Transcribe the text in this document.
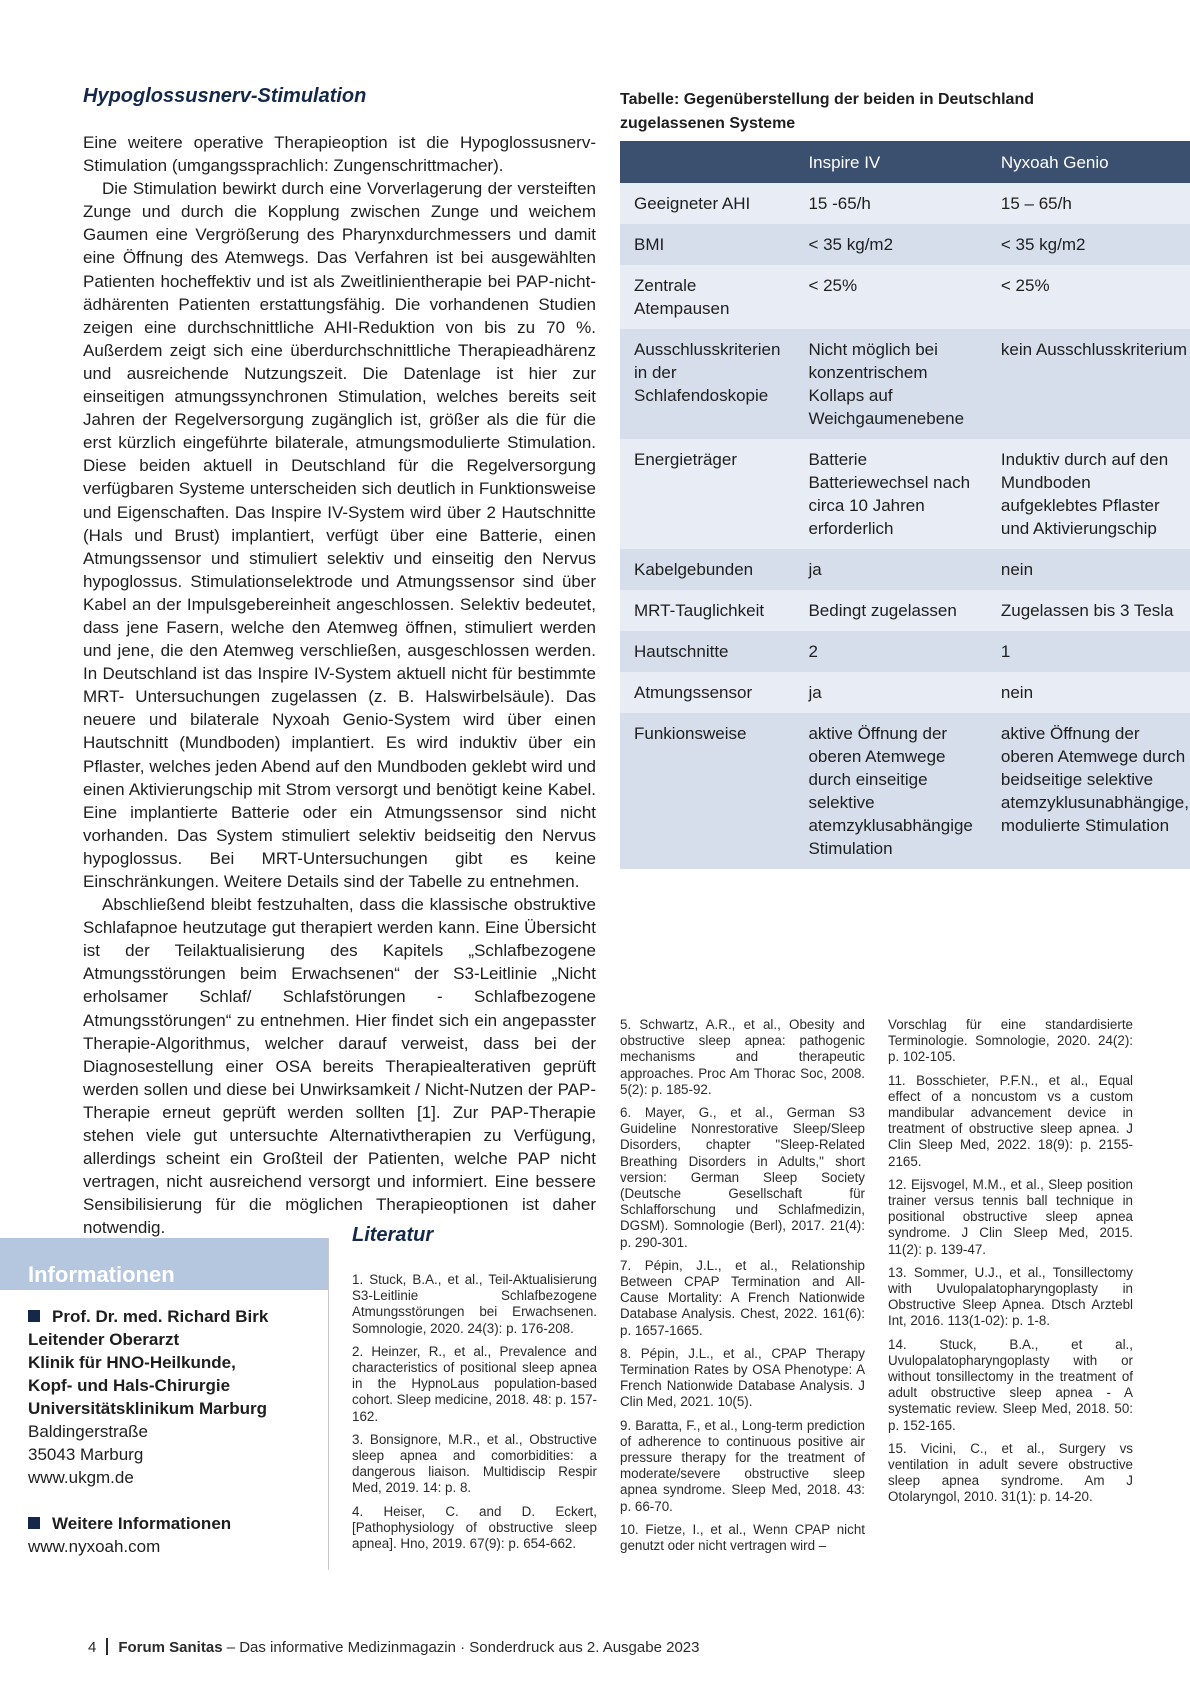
Hypoglossusnerv-Stimulation

Eine weitere operative Therapieoption ist die Hypoglossusnerv-Stimulation (umgangssprachlich: Zungenschrittmacher).

Die Stimulation bewirkt durch eine Vorverlagerung der versteiften Zunge und durch die Kopplung zwischen Zunge und weichem Gaumen eine Vergrößerung des Pharynxdurchmessers und damit eine Öffnung des Atemwegs. Das Verfahren ist bei ausgewählten Patienten hocheffektiv und ist als Zweitlinientherapie bei PAP-nicht-ädhärenten Patienten erstattungsfähig. Die vorhandenen Studien zeigen eine durchschnittliche AHI-Reduktion von bis zu 70 %. Außerdem zeigt sich eine überdurchschnittliche Therapieadhärenz und ausreichende Nutzungszeit. Die Datenlage ist hier zur einseitigen atmungssynchronen Stimulation, welches bereits seit Jahren der Regelversorgung zugänglich ist, größer als die für die erst kürzlich eingeführte bilaterale, atmungsmodulierte Stimulation. Diese beiden aktuell in Deutschland für die Regelversorgung verfügbaren Systeme unterscheiden sich deutlich in Funktionsweise und Eigenschaften. Das Inspire IV-System wird über 2 Hautschnitte (Hals und Brust) implantiert, verfügt über eine Batterie, einen Atmungssensor und stimuliert selektiv und einseitig den Nervus hypoglossus. Stimulationselektrode und Atmungssensor sind über Kabel an der Impulsgebereinheit angeschlossen. Selektiv bedeutet, dass jene Fasern, welche den Atemweg öffnen, stimuliert werden und jene, die den Atemweg verschließen, ausgeschlossen werden. In Deutschland ist das Inspire IV-System aktuell nicht für bestimmte MRT- Untersuchungen zugelassen (z. B. Halswirbelsäule). Das neuere und bilaterale Nyxoah Genio-System wird über einen Hautschnitt (Mundboden) implantiert. Es wird induktiv über ein Pflaster, welches jeden Abend auf den Mundboden geklebt wird und einen Aktivierungschip mit Strom versorgt und benötigt keine Kabel. Eine implantierte Batterie oder ein Atmungssensor sind nicht vorhanden. Das System stimuliert selektiv beidseitig den Nervus hypoglossus. Bei MRT-Untersuchungen gibt es keine Einschränkungen. Weitere Details sind der Tabelle zu entnehmen.

Abschließend bleibt festzuhalten, dass die klassische obstruktive Schlafapnoe heutzutage gut therapiert werden kann. Eine Übersicht ist der Teilaktualisierung des Kapitels „Schlafbezogene Atmungsstörungen beim Erwachsenen“ der S3-Leitlinie „Nicht erholsamer Schlaf/ Schlafstörungen - Schlafbezogene Atmungsstörungen“ zu entnehmen. Hier findet sich ein angepasster Therapie-Algorithmus, welcher darauf verweist, dass bei der Diagnosestellung einer OSA bereits Therapiealterativen geprüft werden sollen und diese bei Unwirksamkeit / Nicht-Nutzen der PAP-Therapie erneut geprüft werden sollten [1]. Zur PAP-Therapie stehen viele gut untersuchte Alternativtherapien zu Verfügung, allerdings scheint ein Großteil der Patienten, welche PAP nicht vertragen, nicht ausreichend versorgt und informiert. Eine bessere Sensibilisierung für die möglichen Therapieoptionen ist daher notwendig.

Tabelle: Gegenüberstellung der beiden in Deutschland zugelassenen Systeme
	Inspire IV	Nyxoah Genio
Geeigneter AHI	15 -65/h	15 – 65/h
BMI	< 35 kg/m2	< 35 kg/m2
Zentrale Atempausen	< 25%	< 25%
Ausschlusskriterien in der Schlafendoskopie	Nicht möglich bei konzentrischem Kollaps auf Weichgaumenebene	kein Ausschlusskriterium
Energieträger	Batterie Batteriewechsel nach circa 10 Jahren erforderlich	Induktiv durch auf den Mundboden aufgeklebtes Pflaster und Aktivierungschip
Kabelgebunden	ja	nein
MRT-Tauglichkeit	Bedingt zugelassen	Zugelassen bis 3 Tesla
Hautschnitte	2	1
Atmungssensor	ja	nein
Funkionsweise	aktive Öffnung der oberen Atemwege durch einseitige selektive atemzyklusabhängige Stimulation	aktive Öffnung der oberen Atemwege durch beidseitige selektive atemzyklusunabhängige, modulierte Stimulation
Informationen
Prof. Dr. med. Richard Birk
Leitender Oberarzt
Klinik für HNO-Heilkunde,
Kopf- und Hals-Chirurgie
Universitätsklinikum Marburg
Baldingerstraße
35043 Marburg
www.ukgm.de
Weitere Informationen
www.nyxoah.com
Literatur

1. Stuck, B.A., et al., Teil-Aktualisierung S3-Leitlinie Schlafbezogene Atmungsstörungen bei Erwachsenen. Somnologie, 2020. 24(3): p. 176-208.

2. Heinzer, R., et al., Prevalence and characteristics of positional sleep apnea in the HypnoLaus population-based cohort. Sleep medicine, 2018. 48: p. 157-162.

3. Bonsignore, M.R., et al., Obstructive sleep apnea and comorbidities: a dangerous liaison. Multidiscip Respir Med, 2019. 14: p. 8.

4. Heiser, C. and D. Eckert, [Pathophysiology of obstructive sleep apnea]. Hno, 2019. 67(9): p. 654-662.

5. Schwartz, A.R., et al., Obesity and obstructive sleep apnea: pathogenic mechanisms and therapeutic approaches. Proc Am Thorac Soc, 2008. 5(2): p. 185-92.

6. Mayer, G., et al., German S3 Guideline Nonrestorative Sleep/Sleep Disorders, chapter "Sleep-Related Breathing Disorders in Adults," short version: German Sleep Society (Deutsche Gesellschaft für Schlafforschung und Schlafmedizin, DGSM). Somnologie (Berl), 2017. 21(4): p. 290-301.

7. Pépin, J.L., et al., Relationship Between CPAP Termination and All-Cause Mortality: A French Nationwide Database Analysis. Chest, 2022. 161(6): p. 1657-1665.

8. Pépin, J.L., et al., CPAP Therapy Termination Rates by OSA Phenotype: A French Nationwide Database Analysis. J Clin Med, 2021. 10(5).

9. Baratta, F., et al., Long-term prediction of adherence to continuous positive air pressure therapy for the treatment of moderate/severe obstructive sleep apnea syndrome. Sleep Med, 2018. 43: p. 66-70.

10. Fietze, I., et al., Wenn CPAP nicht genutzt oder nicht vertragen wird –

Vorschlag für eine standardisierte Terminologie. Somnologie, 2020. 24(2): p. 102-105.

11. Bosschieter, P.F.N., et al., Equal effect of a noncustom vs a custom mandibular advancement device in treatment of obstructive sleep apnea. J Clin Sleep Med, 2022. 18(9): p. 2155-2165.

12. Eijsvogel, M.M., et al., Sleep position trainer versus tennis ball technique in positional obstructive sleep apnea syndrome. J Clin Sleep Med, 2015. 11(2): p. 139-47.

13. Sommer, U.J., et al., Tonsillectomy with Uvulopalatopharyngoplasty in Obstructive Sleep Apnea. Dtsch Arztebl Int, 2016. 113(1-02): p. 1-8.

14. Stuck, B.A., et al., Uvulopalatopharyngoplasty with or without tonsillectomy in the treatment of adult obstructive sleep apnea - A systematic review. Sleep Med, 2018. 50: p. 152-165.

15. Vicini, C., et al., Surgery vs ventilation in adult severe obstructive sleep apnea syndrome. Am J Otolaryngol, 2010. 31(1): p. 14-20.

4 Forum Sanitas – Das informative Medizinmagazin · Sonderdruck aus 2. Ausgabe 2023
